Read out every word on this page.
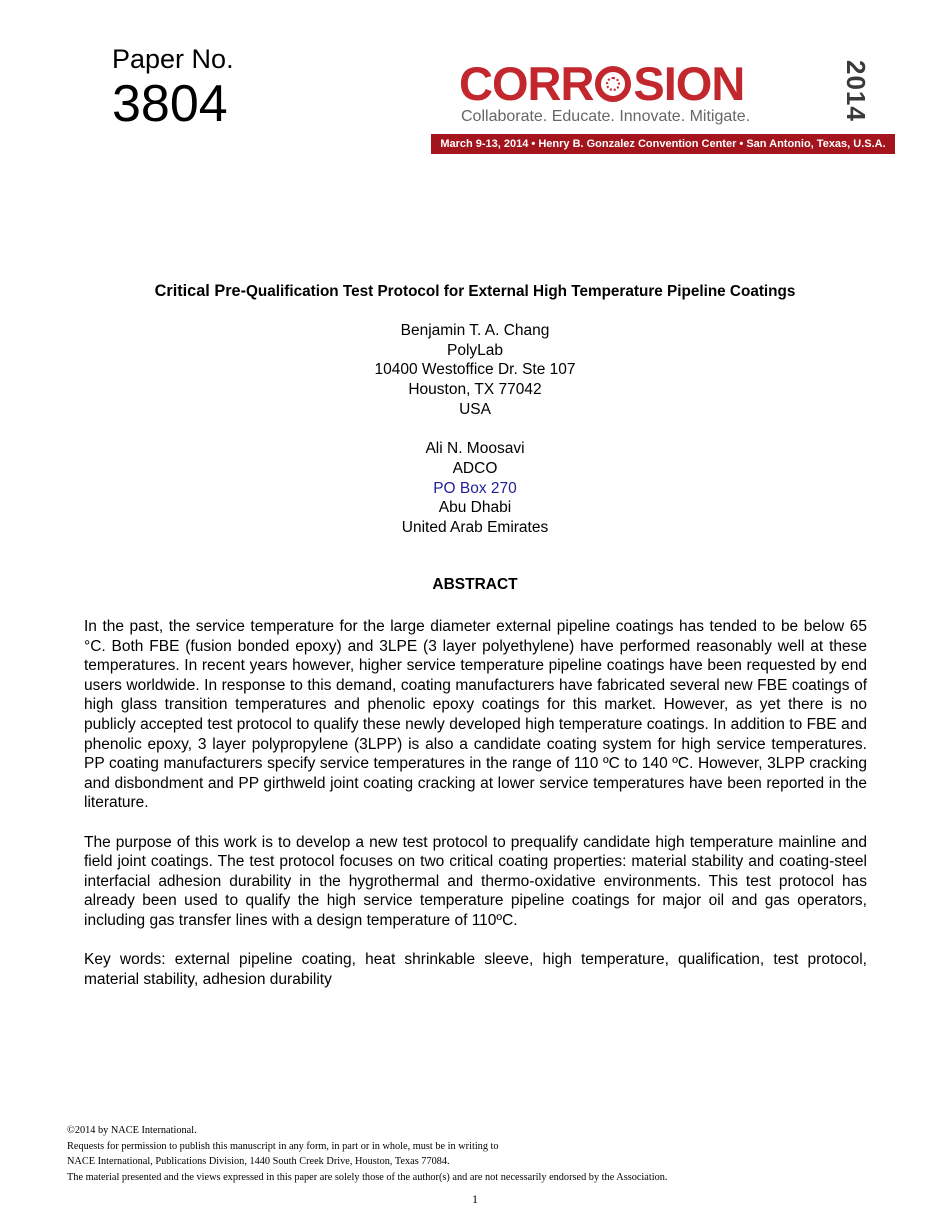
Paper No.
3804	CORR SION	2014
Collaborate. Educate. Innovate. Mitigate.
March 9-13, 2014 • Henry B. Gonzalez Convention Center • San Antonio, Texas, U.S.A.
Critical Pre-Qualification Test Protocol for External High Temperature Pipeline Coatings
Benjamin T. A. Chang
PolyLab
10400 Westoffice Dr. Ste 107
Houston, TX 77042
USA
Ali N. Moosavi
ADCO
PO Box 270
Abu Dhabi
United Arab Emirates
ABSTRACT

In the past, the service temperature for the large diameter external pipeline coatings has tended to be below 65 °C. Both FBE (fusion bonded epoxy) and 3LPE (3 layer polyethylene) have performed reasonably well at these temperatures. In recent years however, higher service temperature pipeline coatings have been requested by end users worldwide. In response to this demand, coating manufacturers have fabricated several new FBE coatings of high glass transition temperatures and phenolic epoxy coatings for this market. However, as yet there is no publicly accepted test protocol to qualify these newly developed high temperature coatings. In addition to FBE and phenolic epoxy, 3 layer polypropylene (3LPP) is also a candidate coating system for high service temperatures. PP coating manufacturers specify service temperatures in the range of 110 ºC to 140 ºC. However, 3LPP cracking and disbondment and PP girthweld joint coating cracking at lower service temperatures have been reported in the literature.

The purpose of this work is to develop a new test protocol to prequalify candidate high temperature mainline and field joint coatings. The test protocol focuses on two critical coating properties: material stability and coating-steel interfacial adhesion durability in the hygrothermal and thermo-oxidative environments. This test protocol has already been used to qualify the high service temperature pipeline coatings for major oil and gas operators, including gas transfer lines with a design temperature of 110ºC.

Key words: external pipeline coating, heat shrinkable sleeve, high temperature, qualification, test protocol, material stability, adhesion durability

©2014 by NACE International.
Requests for permission to publish this manuscript in any form, in part or in whole, must be in writing to
NACE International, Publications Division, 1440 South Creek Drive, Houston, Texas 77084.
The material presented and the views expressed in this paper are solely those of the author(s) and are not necessarily endorsed by the Association.
1
